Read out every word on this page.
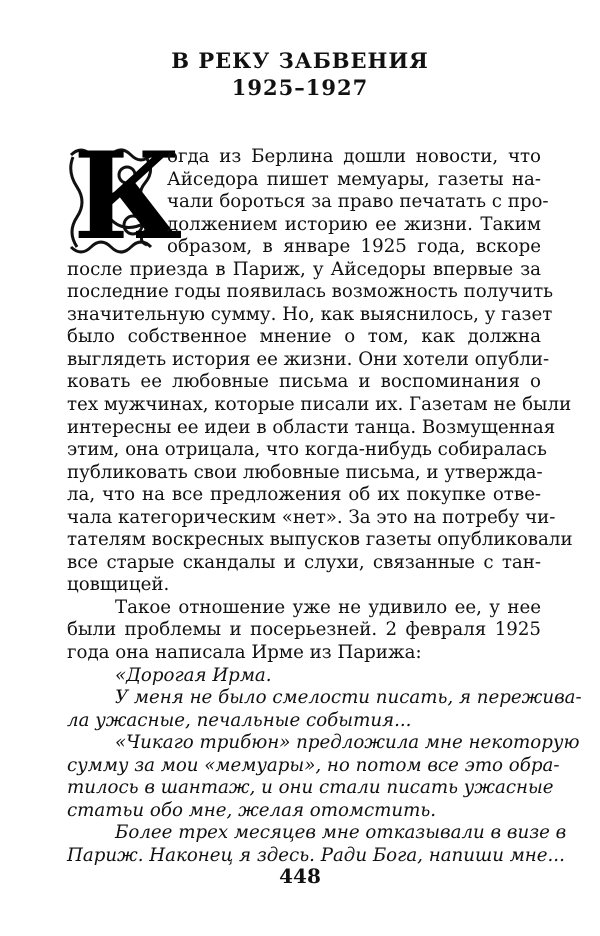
В РЕКУ ЗАБВЕНИЯ
1925–1927
К
огда из Берлина дошли новости, что
Айседора пишет мемуары, газеты на-
чали бороться за право печатать с про-
должением историю ее жизни. Таким
образом, в январе 1925 года, вскоре
после приезда в Париж, у Айседоры впервые за
последние годы появилась возможность получить
значительную сумму. Но, как выяснилось, у газет
было собственное мнение о том, как должна
выглядеть история ее жизни. Они хотели опубли-
ковать ее любовные письма и воспоминания о
тех мужчинах, которые писали их. Газетам не были
интересны ее идеи в области танца. Возмущенная
этим, она отрицала, что когда-нибудь собиралась
публиковать свои любовные письма, и утвержда-
ла, что на все предложения об их покупке отве-
чала категорическим «нет». За это на потребу чи-
тателям воскресных выпусков газеты опубликовали
все старые скандалы и слухи, связанные с тан-
цовщицей.
Такое отношение уже не удивило ее, у нее
были проблемы и посерьезней. 2 февраля 1925
года она написала Ирме из Парижа:
«Дорогая Ирма.
У меня не было смелости писать, я пережива-
ла ужасные, печальные события...
«Чикаго трибюн» предложила мне некоторую
сумму за мои «мемуары», но потом все это обра-
тилось в шантаж, и они стали писать ужасные
статьи обо мне, желая отомстить.
Более трех месяцев мне отказывали в визе в
Париж. Наконец я здесь. Ради Бога, напиши мне...
448
